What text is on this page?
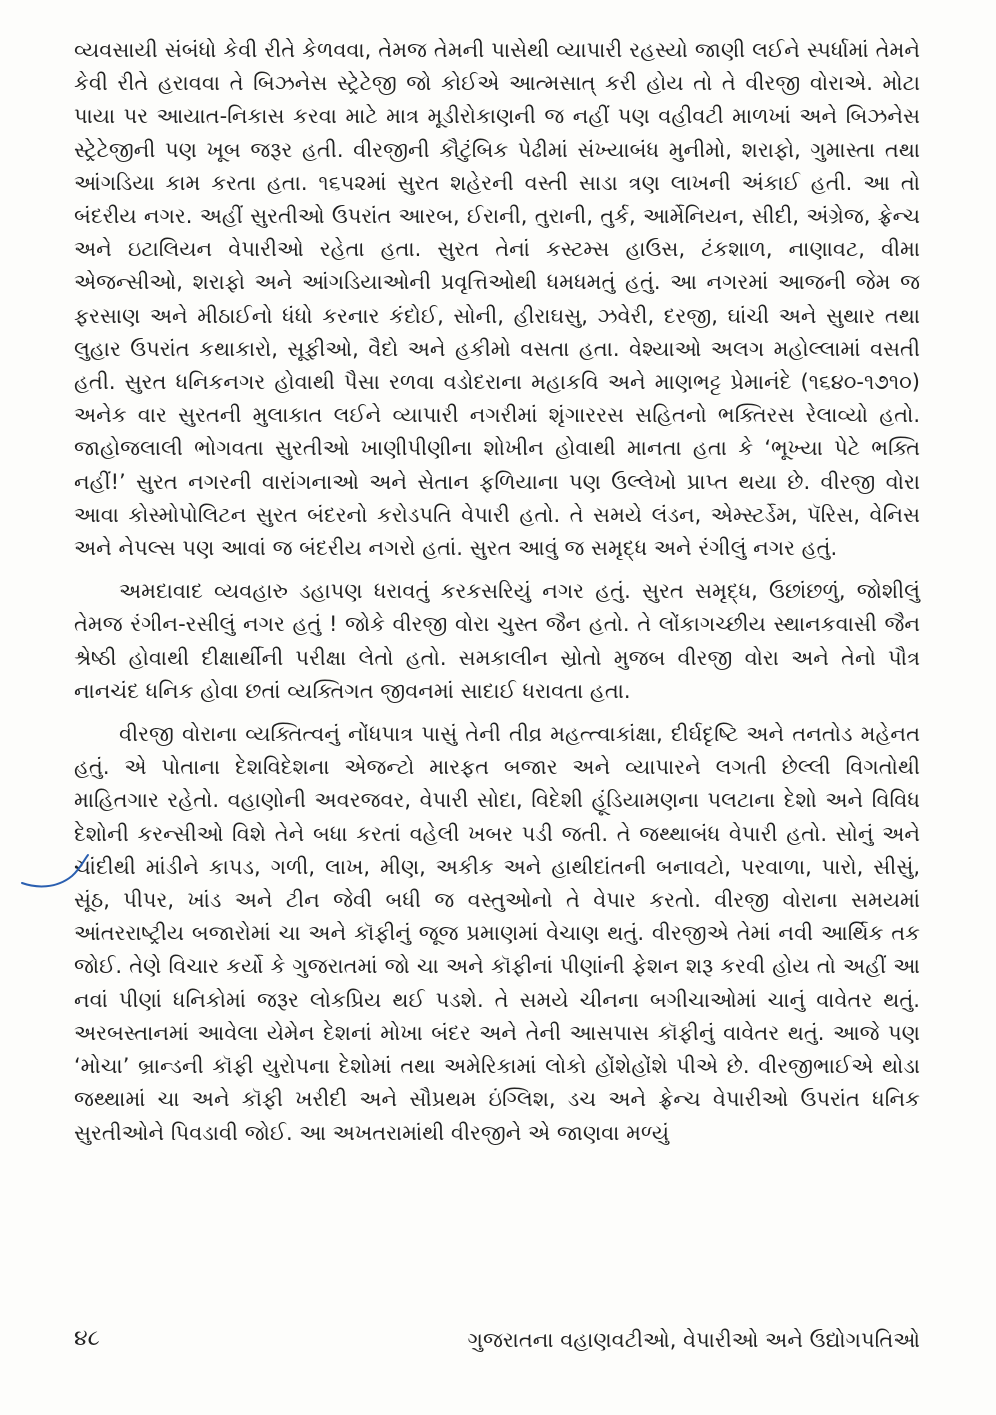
વ્યવસાયી સંબંધો કેવી રીતે કેળવવા, તેમજ તેમની પાસેથી વ્યાપારી રહસ્યો જાણી લઈને સ્પર્ધામાં તેમને કેવી રીતે હરાવવા તે બિઝનેસ સ્ટ્રેટેજી જો કોઈએ આત્મસાત્ કરી હોય તો તે વીરજી વોરાએ. મોટા પાયા પર આયાત-નિકાસ કરવા માટે માત્ર મૂડીરોકાણની જ નહીં પણ વહીવટી માળખાં અને બિઝનેસ સ્ટ્રેટેજીની પણ ખૂબ જરૂર હતી. વીરજીની કૌટુંબિક પેઢીમાં સંખ્યાબંધ મુનીમો, શરાફો, ગુમાસ્તા તથા આંગડિયા કામ કરતા હતા. ૧૬૫૨માં સુરત શહેરની વસ્તી સાડા ત્રણ લાખની અંકાઈ હતી. આ તો બંદરીય નગર. અહીં સુરતીઓ ઉપરાંત આરબ, ઈરાની, તુરાની, તુર્ક, આર્મેનિયન, સીદી, અંગ્રેજ, ફ્રેન્ચ અને ઇટાલિયન વેપારીઓ રહેતા હતા. સુરત તેનાં કસ્ટમ્સ હાઉસ, ટંકશાળ, નાણાવટ, વીમા એજન્સીઓ, શરાફો અને આંગડિયાઓની પ્રવૃત્તિઓથી ધમધમતું હતું. આ નગરમાં આજની જેમ જ ફરસાણ અને મીઠાઈનો ધંધો કરનાર કંદોઈ, સોની, હીરાઘસુ, ઝવેરી, દરજી, ઘાંચી અને સુથાર તથા લુહાર ઉપરાંત કથાકારો, સૂફીઓ, વૈદો અને હકીમો વસતા હતા. વેશ્યાઓ અલગ મહોલ્લામાં વસતી હતી. સુરત ધનિકનગર હોવાથી પૈસા રળવા વડોદરાના મહાકવિ અને માણભટ્ટ પ્રેમાનંદે (૧૬૪૦-૧૭૧૦) અનેક વાર સુરતની મુલાકાત લઈને વ્યાપારી નગરીમાં શૃંગારરસ સહિતનો ભક્તિરસ રેલાવ્યો હતો. જાહોજલાલી ભોગવતા સુરતીઓ ખાણીપીણીના શોખીન હોવાથી માનતા હતા કે ‘ભૂખ્યા પેટે ભક્તિ નહીં!’ સુરત નગરની વારાંગનાઓ અને સેતાન ફળિયાના પણ ઉલ્લેખો પ્રાપ્ત થયા છે. વીરજી વોરા આવા કોસ્મોપોલિટન સુરત બંદરનો કરોડપતિ વેપારી હતો. તે સમયે લંડન, એમ્સ્ટર્ડેમ, પૅરિસ, વેનિસ અને નેપલ્સ પણ આવાં જ બંદરીય નગરો હતાં. સુરત આવું જ સમૃદ્ધ અને રંગીલું નગર હતું.

અમદાવાદ વ્યવહારુ ડહાપણ ધરાવતું કરકસરિયું નગર હતું. સુરત સમૃદ્ધ, ઉછાંછળું, જોશીલું તેમજ રંગીન-રસીલું નગર હતું ! જોકે વીરજી વોરા ચુસ્ત જૈન હતો. તે લોંકાગચ્છીય સ્થાનકવાસી જૈન શ્રેષ્ઠી હોવાથી દીક્ષાર્થીની પરીક્ષા લેતો હતો. સમકાલીન સ્રોતો મુજબ વીરજી વોરા અને તેનો પૌત્ર નાનચંદ ધનિક હોવા છતાં વ્યક્તિગત જીવનમાં સાદાઈ ધરાવતા હતા.

વીરજી વોરાના વ્યક્તિત્વનું નોંધપાત્ર પાસું તેની તીવ્ર મહત્ત્વાકાંક્ષા, દીર્ઘદૃષ્ટિ અને તનતોડ મહેનત હતું. એ પોતાના દેશવિદેશના એજન્ટો મારફત બજાર અને વ્યાપારને લગતી છેલ્લી વિગતોથી માહિતગાર રહેતો. વહાણોની અવરજવર, વેપારી સોદા, વિદેશી હૂંડિયામણના પલટાના દેશો અને વિવિધ દેશોની કરન્સીઓ વિશે તેને બધા કરતાં વહેલી ખબર પડી જતી. તે જથ્થાબંધ વેપારી હતો. સોનું અને ચાંદીથી માંડીને કાપડ, ગળી, લાખ, મીણ, અકીક અને હાથીદાંતની બનાવટો, પરવાળા, પારો, સીસું, સૂંઠ, પીપર, ખાંડ અને ટીન જેવી બધી જ વસ્તુઓનો તે વેપાર કરતો. વીરજી વોરાના સમયમાં આંતરરાષ્ટ્રીય બજારોમાં ચા અને કૉફીનું જૂજ પ્રમાણમાં વેચાણ થતું. વીરજીએ તેમાં નવી આર્થિક તક જોઈ. તેણે વિચાર કર્યો કે ગુજરાતમાં જો ચા અને કૉફીનાં પીણાંની ફેશન શરૂ કરવી હોય તો અહીં આ નવાં પીણાં ધનિકોમાં જરૂર લોકપ્રિય થઈ પડશે. તે સમયે ચીનના બગીચાઓમાં ચાનું વાવેતર થતું. અરબસ્તાનમાં આવેલા યેમેન દેશનાં મોખા બંદર અને તેની આસપાસ કૉફીનું વાવેતર થતું. આજે પણ ‘મોચા’ બ્રાન્ડની કૉફી યુરોપના દેશોમાં તથા અમેરિકામાં લોકો હોંશેહોંશે પીએ છે. વીરજીભાઈએ થોડા જથ્થામાં ચા અને કૉફી ખરીદી અને સૌપ્રથમ ઇંગ્લિશ, ડચ અને ફ્રેન્ચ વેપારીઓ ઉપરાંત ધનિક સુરતીઓને પિવડાવી જોઈ. આ અખતરામાંથી વીરજીને એ જાણવા મળ્યું

૪૮	ગુજરાતના વહાણવટીઓ, વેપારીઓ અને ઉદ્યોગપતિઓ
